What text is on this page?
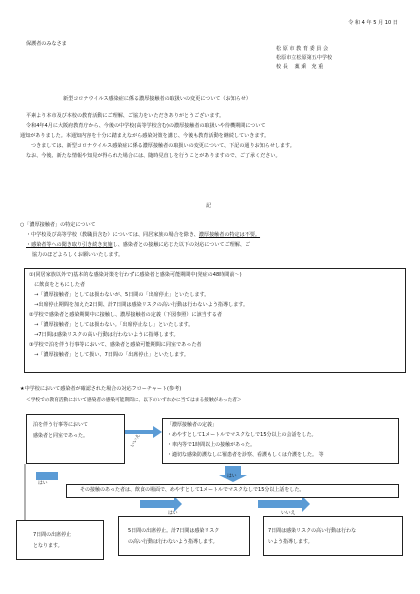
令 和 4 年 5 月 10 日
保護者のみなさま
松 原 市 教 育 委 員 会
松原市立松原第五中学校
校 長　 藁 乗　充 重
新型コロナウイルス感染症に係る濃厚接触者の取扱いの変更について（お知らせ）
平素より本市及び本校の教育活動にご理解、ご協力をいただきありがとうございます。
令和4年4月に大阪府教育庁から、今後の中学校(高等学校含む)の濃厚接触者の取扱いや待機期間について
通知がありました。本通知内容を十分に踏まえながら感染対策を講じ、今後も教育活動を継続していきます。
つきましては、新型コロナウイルス感染症に係る濃厚接触者の取扱いの変更について、下記の通りお知らせします。
なお、今後、新たな情報や知見が得られた場合には、随時見直しを行うことがありますので、ご了承ください。
記
○「濃厚接触者」の特定について
・中学校及び高等学校（教職員含む）については、同居家族の場合を除き、濃厚接触者の特定は不要。
・感染者等への聞き取り引き続き実施し、感染者との接触に応じた以下の対応についてご理解、ご
協力のほどよろしくお願いいたします。
①(同居家族以外で)基本的な感染対策を行わずに感染者と感染可能期間中(発症の48時間前～)
　に飲食をともにした者
　→「濃厚接触者」としては扱わないが、5日間の「出席停止」といたします。
　→出席停止期間を加えた2日間、計7日間は感染リスクの高い行動は行わないよう指導します。
②学校で感染者と感染期間中に接触し、濃厚接触者の定義（下図参照）に該当する者
　→「濃厚接触者」としては扱わない。「出席停止なし」といたします。
　→7日間は感染リスクの高い行動は行わないように指導します。
③学校で泊を伴う行事等において、感染者と感染可能期間に同室であった者
　→「濃厚接触者」として扱い、7日間の「出席停止」といたします。
★中学校において感染者が確認された場合の対応フローチャート(参考)
＜学校での教育活動において感染者の感染可能期間に、以下のいずれかに当てはまる接触があった者＞
泊を伴う行事等において
感染者と同室であった。
「濃厚接触者の定義」
・めやすとして1メートルでマスクなしで15分以上の会話をした。
・車内等で1時間以上の接触があった。
・適切な感染防護なしに罹患者を診察、看護もしくは介護をした。 等
その接触のあった者は、飲食の場面で、めやすとして1メートルでマスクなしで15分以上話をした。
7日間の出席停止
となります。
5日間の出席停止。計7日間は感染リスク
の高い行動は行わないよう指導します。
7日間は感染リスクの高い行動は行わな
いよう指導します。
いいえ
はい
はい
はい	いいえ
